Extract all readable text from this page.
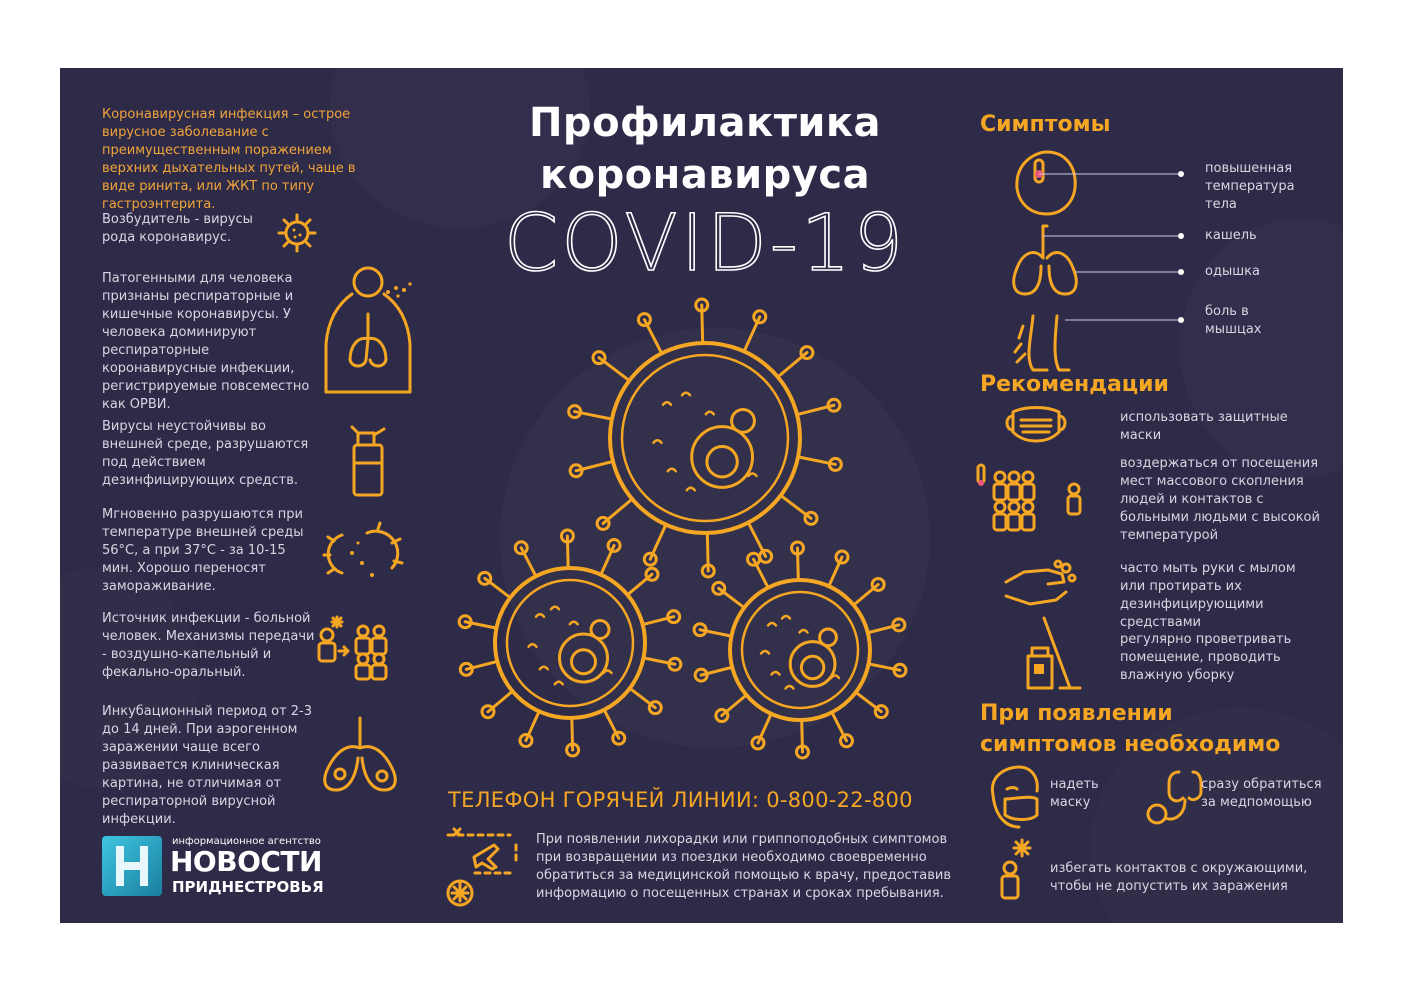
Коронавирусная инфекция – острое вирусное заболевание с преимущественным поражением верхних дыхательных путей, чаще в виде ринита, или ЖКТ по типу гастроэнтерита.
Возбудитель - вирусы рода коронавирус.
Патогенными для человека признаны респираторные и кишечные коронавирусы. У человека доминируют респираторные коронавирусные инфекции, регистрируемые повсеместно как ОРВИ.
Вирусы неустойчивы во внешней среде, разрушаются под действием дезинфицирующих средств.
Мгновенно разрушаются при температуре внешней среды 56°С, а при 37°С - за 10-15 мин. Хорошо переносят замораживание.
Источник инфекции - больной человек. Механизмы передачи - воздушно-капельный и фекально-оральный.
Инкубационный период от 2-3 до 14 дней. При аэрогенном заражении чаще всего развивается клиническая картина, не отличимая от респираторной вирусной инфекции.
информационное агентство
НОВОСТИ
ПРИДНЕСТРОВЬЯ
Профилактика
коронавируса
COVID-19
ТЕЛЕФОН ГОРЯЧЕЙ ЛИНИИ: 0-800-22-800
При появлении лихорадки или гриппоподобных симптомов при возвращении из поездки необходимо своевременно обратиться за медицинской помощью к врачу, предоставив информацию о посещенных странах и сроках пребывания.
Симптомы
повышенная температура тела
кашель
одышка
боль в мышцах
Рекомендации
использовать защитные маски
воздержаться от посещения мест массового скопления людей и контактов с больными людьми с высокой температурой
часто мыть руки с мылом или протирать их дезинфицирующими средствами
регулярно проветривать помещение, проводить влажную уборку
При появлении
симптомов необходимо
надеть маску
сразу обратиться за медпомощью
избегать контактов с окружающими, чтобы не допустить их заражения
